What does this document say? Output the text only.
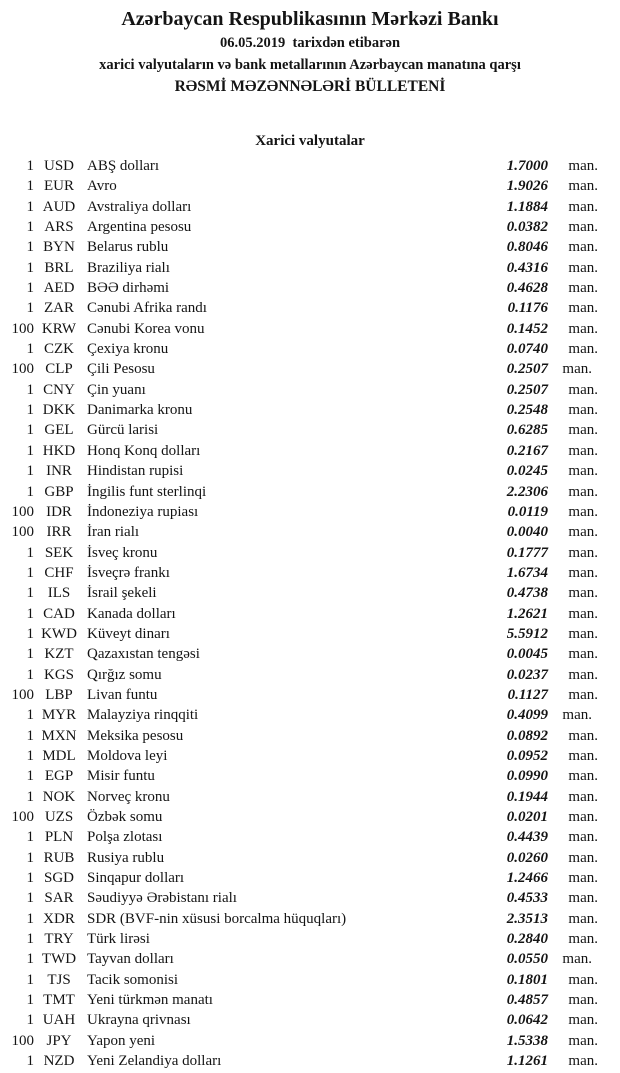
Azərbaycan Respublikasının Mərkəzi Bankı

06.05.2019  tarixdən etibarən

xarici valyutaların və bank metallarının Azərbaycan manatına qarşı

RƏSMİ MƏZƏNNƏLƏRİ BÜLLETENİ

Xarici valyutalar

1 USD ABŞ dolları	1.7000	man.
1 EUR Avro	1.9026	man.
1 AUD Avstraliya dolları	1.1884	man.
1 ARS Argentina pesosu	0.0382	man.
1 BYN Belarus rublu	0.8046	man.
1 BRL Braziliya rialı	0.4316	man.
1 AED BƏƏ dirhəmi	0.4628	man.
1 ZAR Cənubi Afrika randı	0.1176	man.
100 KRW Cənubi Korea vonu	0.1452	man.
1 CZK Çexiya kronu	0.0740	man.
100 CLP Çili Pesosu	0.2507 man.
1 CNY Çin yuanı	0.2507	man.
1 DKK Danimarka kronu	0.2548	man.
1 GEL Gürcü larisi	0.6285	man.
1 HKD Honq Konq dolları	0.2167	man.
1 INR	Hindistan rupisi	0.0245	man.
1 GBP İngilis funt sterlinqi	2.2306	man.
100 IDR	İndoneziya rupiası	0.0119	man.
100 IRR	İran rialı	0.0040	man.
1 SEK İsveç kronu	0.1777	man.
1 CHF İsveçrə frankı	1.6734	man.
1 ILS	İsrail şekeli	0.4738	man.
1 CAD Kanada dolları	1.2621	man.
1 KWD Küveyt dinarı	5.5912	man.
1 KZT Qazaxıstan tengəsi	0.0045	man.
1 KGS Qırğız somu	0.0237	man.
100 LBP Livan funtu	0.1127	man.
1 MYR Malayziya rinqqiti	0.4099 man.
1 MXN Meksika pesosu	0.0892	man.
1 MDL Moldova leyi	0.0952	man.
1 EGP Misir funtu	0.0990	man.
1 NOK Norveç kronu	0.1944	man.
100 UZS Özbək somu	0.0201	man.
1 PLN Polşa zlotası	0.4439	man.
1 RUB Rusiya rublu	0.0260	man.
1 SGD Sinqapur dolları	1.2466	man.
1 SAR Səudiyyə Ərəbistanı rialı	0.4533	man.
1 XDR SDR (BVF-nin xüsusi borcalma hüquqları)	2.3513	man.
1 TRY Türk lirəsi	0.2840	man.
1 TWD Tayvan dolları	0.0550 man.
1 TJS	Tacik somonisi	0.1801	man.
1 TMT Yeni türkmən manatı	0.4857	man.
1 UAH Ukrayna qrivnası	0.0642	man.
100 JPY	Yapon yeni	1.5338	man.
1 NZD Yeni Zelandiya dolları	1.1261	man.
